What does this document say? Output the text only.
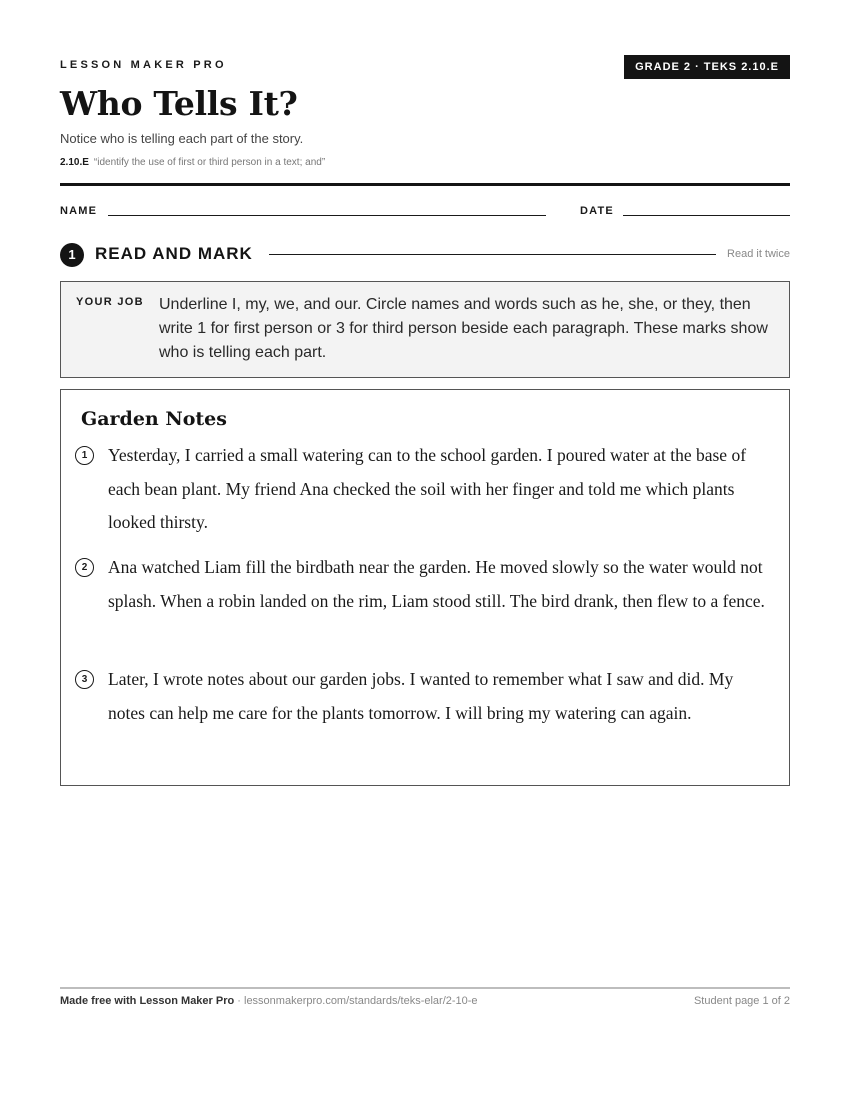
LESSON MAKER PRO	GRADE 2 · TEKS 2.10.E
Who Tells It?
Notice who is telling each part of the story.
2.10.E “identify the use of first or third person in a text; and”
NAME	DATE
1	READ AND MARK	Read it twice
YOUR JOB Underline I, my, we, and our. Circle names and words such as he, she, or they, then write 1 for first person or 3 for third person beside each paragraph. These marks show who is telling each part.
Garden Notes
1	Yesterday, I carried a small watering can to the school garden. I poured water at the base of each bean plant. My friend Ana checked the soil with her finger and told me which plants looked thirsty.
2	Ana watched Liam fill the birdbath near the garden. He moved slowly so the water would not splash. When a robin landed on the rim, Liam stood still. The bird drank, then flew to a fence.
3	Later, I wrote notes about our garden jobs. I wanted to remember what I saw and did. My notes can help me care for the plants tomorrow. I will bring my watering can again.
Made free with Lesson Maker Pro · lessonmakerpro.com/standards/teks-elar/2-10-e	Student page 1 of 2
